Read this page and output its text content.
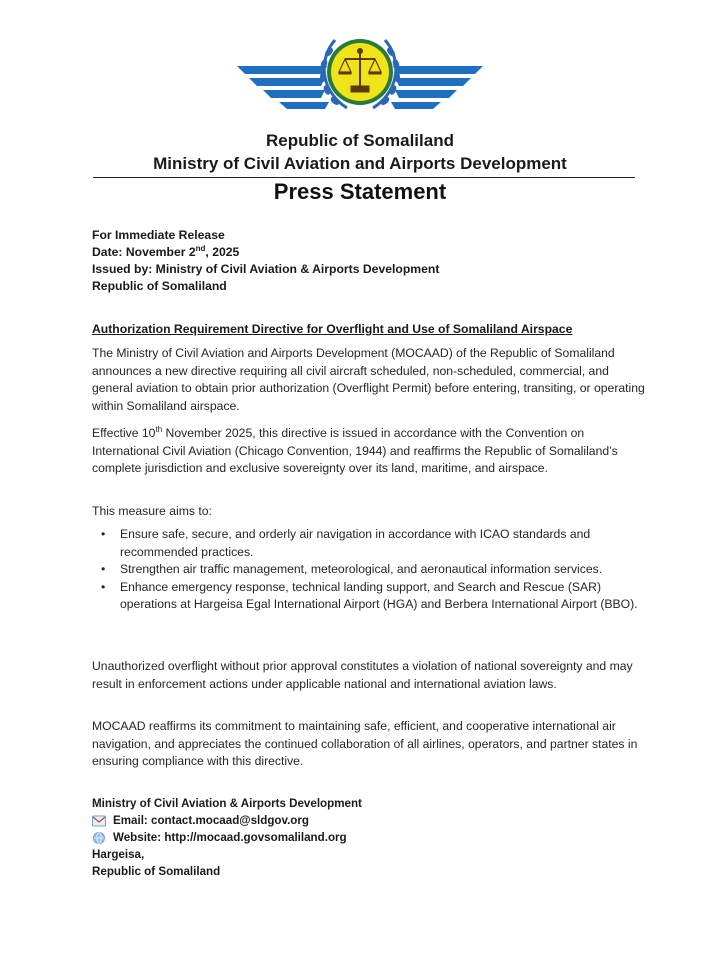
Republic of Somaliland
Ministry of Civil Aviation and Airports Development
Press Statement
For Immediate Release
Date: November 2nd, 2025
Issued by: Ministry of Civil Aviation & Airports Development
Republic of Somaliland
Authorization Requirement Directive for Overflight and Use of Somaliland Airspace
The Ministry of Civil Aviation and Airports Development (MOCAAD) of the Republic of Somaliland announces a new directive requiring all civil aircraft scheduled, non-scheduled, commercial, and general aviation to obtain prior authorization (Overflight Permit) before entering, transiting, or operating within Somaliland airspace.
Effective 10th November 2025, this directive is issued in accordance with the Convention on International Civil Aviation (Chicago Convention, 1944) and reaffirms the Republic of Somaliland’s complete jurisdiction and exclusive sovereignty over its land, maritime, and airspace.
This measure aims to:
• Ensure safe, secure, and orderly air navigation in accordance with ICAO standards and recommended practices.
• Strengthen air traffic management, meteorological, and aeronautical information services.
• Enhance emergency response, technical landing support, and Search and Rescue (SAR) operations at Hargeisa Egal International Airport (HGA) and Berbera International Airport (BBO).
Unauthorized overflight without prior approval constitutes a violation of national sovereignty and may result in enforcement actions under applicable national and international aviation laws.
MOCAAD reaffirms its commitment to maintaining safe, efficient, and cooperative international air navigation, and appreciates the continued collaboration of all airlines, operators, and partner states in ensuring compliance with this directive.
Ministry of Civil Aviation & Airports Development
Email: contact.mocaad@sldgov.org
Website: http://mocaad.govsomaliland.org
Hargeisa,
Republic of Somaliland
